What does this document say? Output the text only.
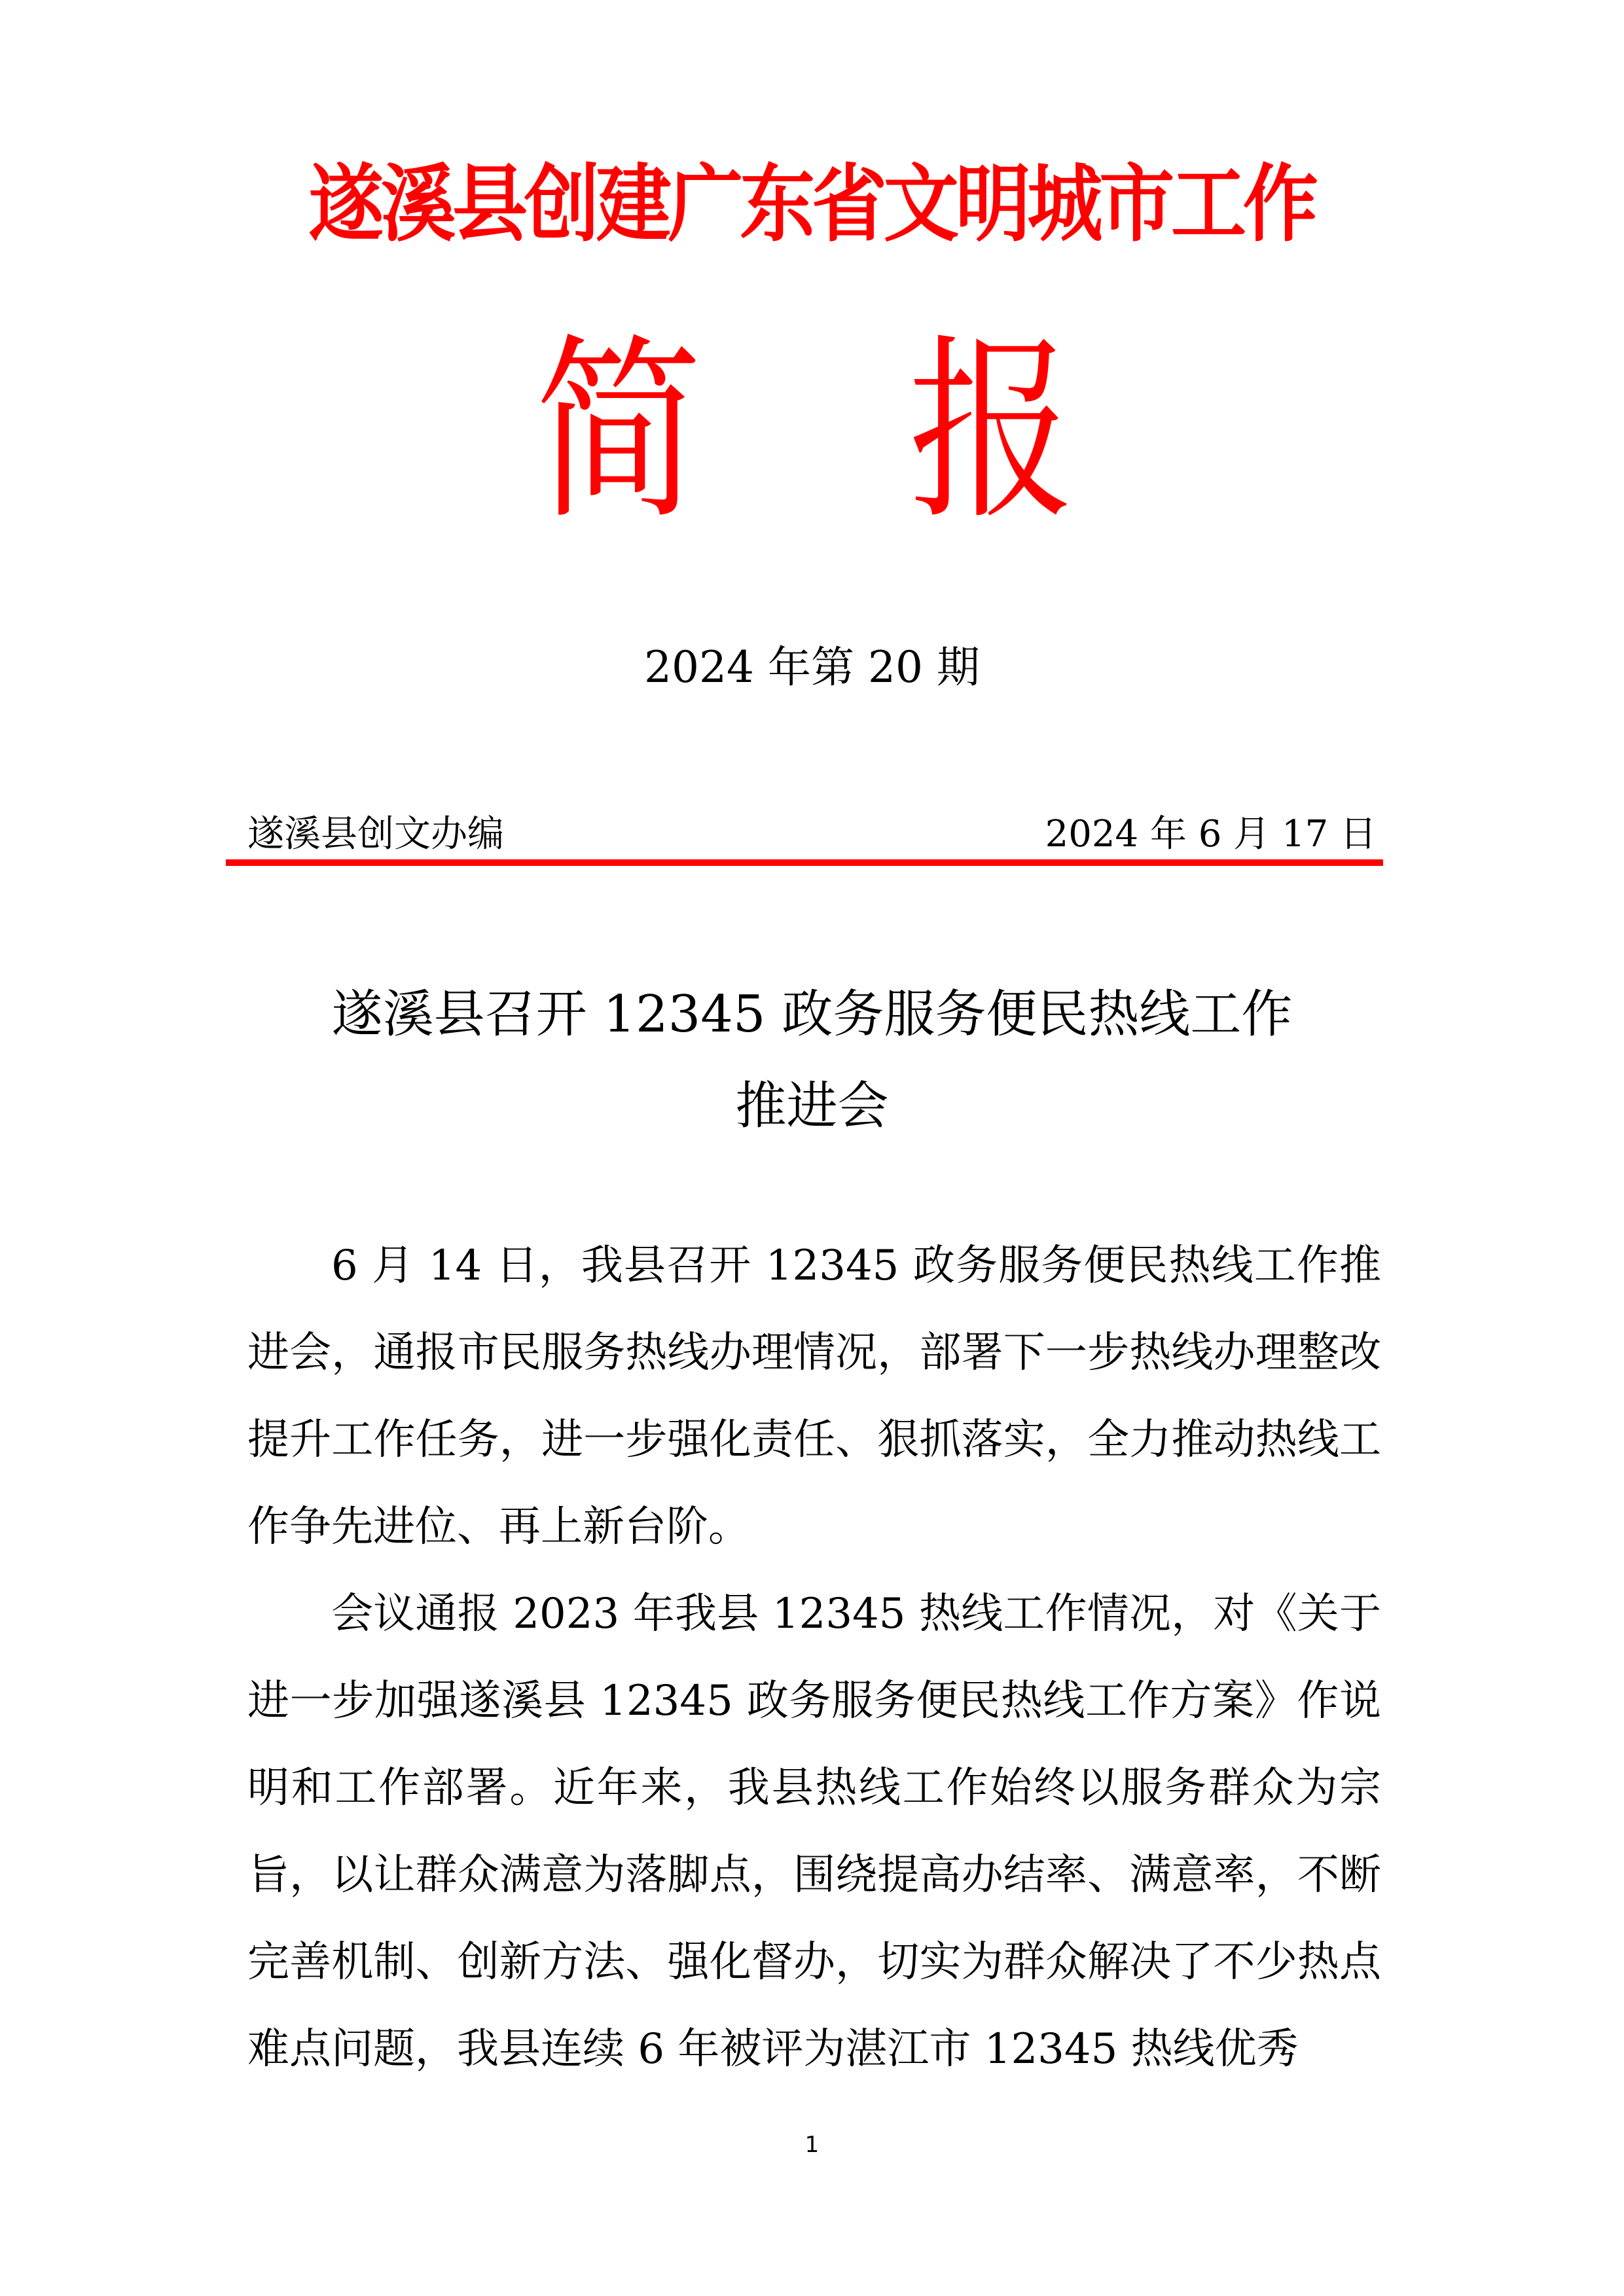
遂溪县创建广东省文明城市工作
简 报
2024 年第 20 期
遂溪县创文办编	2024 年 6 月 17 日
遂溪县召开 12345 政务服务便民热线工作
推进会

6 月 14 日，我县召开 12345 政务服务便民热线工作推进会，通报市民服务热线办理情况，部署下一步热线办理整改提升工作任务，进一步强化责任、狠抓落实，全力推动热线工作争先进位、再上新台阶。

会议通报 2023 年我县 12345 热线工作情况，对《关于进一步加强遂溪县 12345 政务服务便民热线工作方案》作说明和工作部署。近年来，我县热线工作始终以服务群众为宗旨，以让群众满意为落脚点，围绕提高办结率、满意率，不断完善机制、创新方法、强化督办，切实为群众解决了不少热点难点问题，我县连续 6 年被评为湛江市 12345 热线优秀

1
